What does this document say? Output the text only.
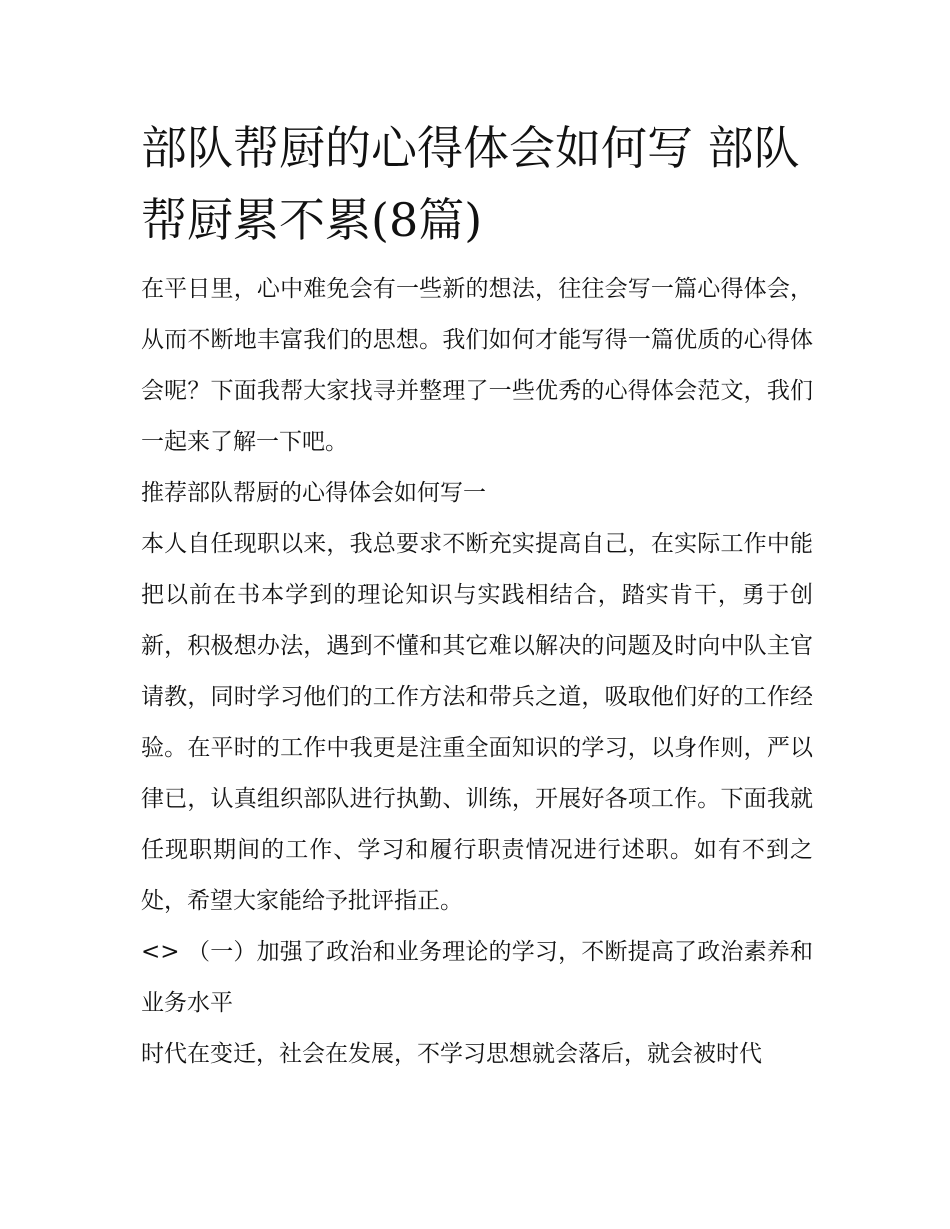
部队帮厨的心得体会如何写 部队帮厨累不累(8篇)

在平日里，心中难免会有一些新的想法，往往会写一篇心得体会，从而不断地丰富我们的思想。我们如何才能写得一篇优质的心得体会呢？下面我帮大家找寻并整理了一些优秀的心得体会范文，我们一起来了解一下吧。

推荐部队帮厨的心得体会如何写一

本人自任现职以来，我总要求不断充实提高自己，在实际工作中能把以前在书本学到的理论知识与实践相结合，踏实肯干，勇于创新，积极想办法，遇到不懂和其它难以解决的问题及时向中队主官请教，同时学习他们的工作方法和带兵之道，吸取他们好的工作经验。在平时的工作中我更是注重全面知识的学习，以身作则，严以律已，认真组织部队进行执勤、训练，开展好各项工作。下面我就任现职期间的工作、学习和履行职责情况进行述职。如有不到之处，希望大家能给予批评指正。

<> （一）加强了政治和业务理论的学习，不断提高了政治素养和业务水平

时代在变迁，社会在发展，不学习思想就会落后，就会被时代
